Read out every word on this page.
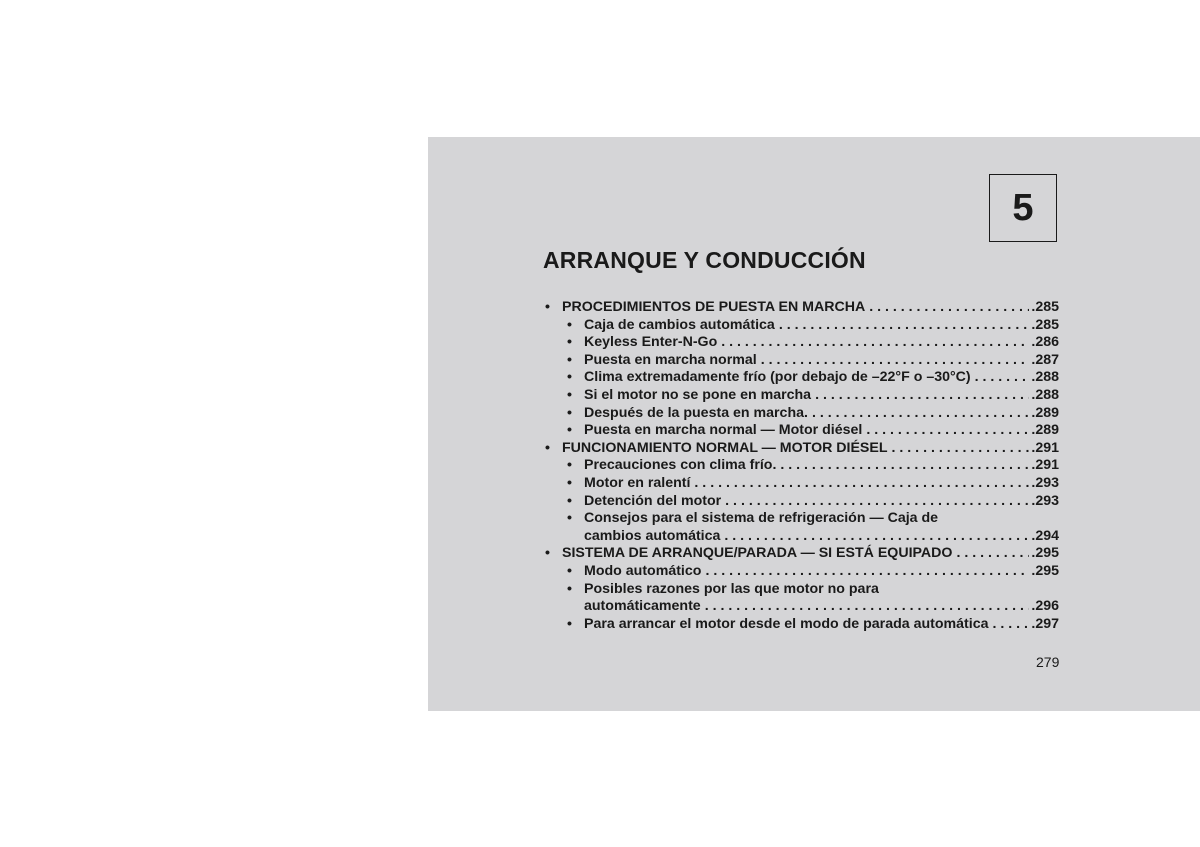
5
ARRANQUE Y CONDUCCIÓN
• PROCEDIMIENTOS DE PUESTA EN MARCHA . . .	.285
• Caja de cambios automática . . .	.285
• Keyless Enter-N-Go . . .	.286
• Puesta en marcha normal . . .	.287
• Clima extremadamente frío (por debajo de –22°F o –30°C) . . .	.288
• Si el motor no se pone en marcha . . .	.288
• Después de la puesta en marcha. . . .	.289
• Puesta en marcha normal — Motor diésel . . .	.289
• FUNCIONAMIENTO NORMAL — MOTOR DIÉSEL . . .	.291
• Precauciones con clima frío. . . .	.291
• Motor en ralentí . . .	.293
• Detención del motor . . .	.293
• Consejos para el sistema de refrigeración — Caja de
cambios automática . . .	.294
• SISTEMA DE ARRANQUE/PARADA — SI ESTÁ EQUIPADO . . .	.295
• Modo automático . . .	.295
• Posibles razones por las que motor no para
automáticamente . . .	.296
• Para arrancar el motor desde el modo de parada automática . . .	.297
279
